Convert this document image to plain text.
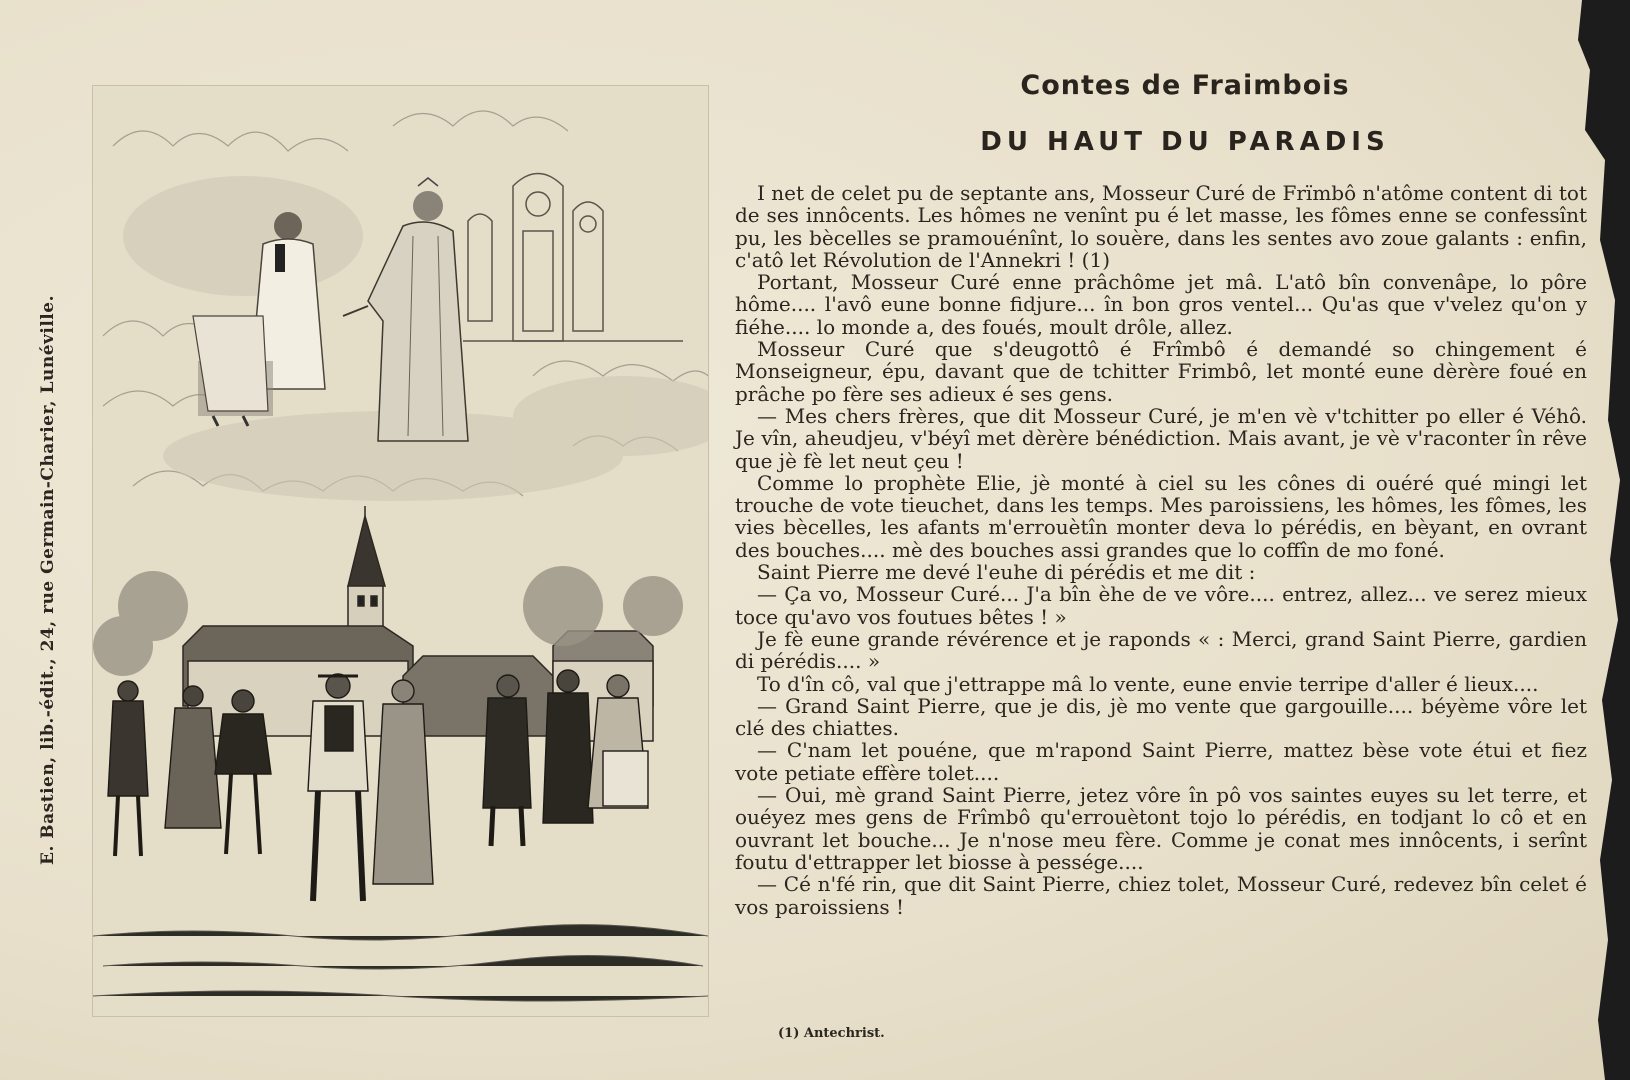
E. Bastien, lib.-édit., 24, rue Germain-Charier, Lunéville.
Contes de Fraimbois
DU HAUT DU PARADIS

I net de celet pu de septante ans, Mosseur Curé de Frïmbô n'atôme content di tot de ses innôcents. Les hômes ne venînt pu é let masse, les fômes enne se confessînt pu, les bècelles se pramouénînt, lo souère, dans les sentes avo zoue galants : enfin, c'atô let Révolution de l'Annekri ! (1)

Portant, Mosseur Curé enne prâchôme jet mâ. L'atô bîn convenâpe, lo pôre hôme.... l'avô eune bonne fidjure... în bon gros ventel... Qu'as que v'velez qu'on y fiéhe.... lo monde a, des foués, moult drôle, allez.

Mosseur Curé que s'deugottô é Frîmbô é demandé so chingement é Monseigneur, épu, davant que de tchitter Frimbô, let monté eune dèrère foué en prâche po fère ses adieux é ses gens.

— Mes chers frères, que dit Mosseur Curé, je m'en vè v'tchitter po eller é Véhô. Je vîn, aheudjeu, v'béyî met dèrère bénédiction. Mais avant, je vè v'raconter în rêve que jè fè let neut çeu !

Comme lo prophète Elie, jè monté à ciel su les cônes di ouéré qué mingi let trouche de vote tieuchet, dans les temps. Mes paroissiens, les hômes, les fômes, les vies bècelles, les afants m'errouètîn monter deva lo pérédis, en bèyant, en ovrant des bouches.... mè des bouches assi grandes que lo coffîn de mo foné.

Saint Pierre me devé l'euhe di pérédis et me dit :

— Ça vo, Mosseur Curé... J'a bîn èhe de ve vôre.... entrez, allez... ve serez mieux toce qu'avo vos foutues bêtes ! »

Je fè eune grande révérence et je raponds « : Merci, grand Saint Pierre, gardien di pérédis.... »

To d'în cô, val que j'ettrappe mâ lo vente, eune envie terripe d'aller é lieux....

— Grand Saint Pierre, que je dis, jè mo vente que gargouille.... béyème vôre let clé des chiattes.

— C'nam let pouéne, que m'rapond Saint Pierre, mattez bèse vote étui et fiez vote petiate effère tolet....

— Oui, mè grand Saint Pierre, jetez vôre în pô vos saintes euyes su let terre, et ouéyez mes gens de Frîmbô qu'errouètont tojo lo pérédis, en todjant lo cô et en ouvrant let bouche... Je n'nose meu fère. Comme je conat mes innôcents, i serînt foutu d'ettrapper let biosse à pessége....

— Cé n'fé rin, que dit Saint Pierre, chiez tolet, Mosseur Curé, redevez bîn celet é vos paroissiens !

(1) Antechrist.
